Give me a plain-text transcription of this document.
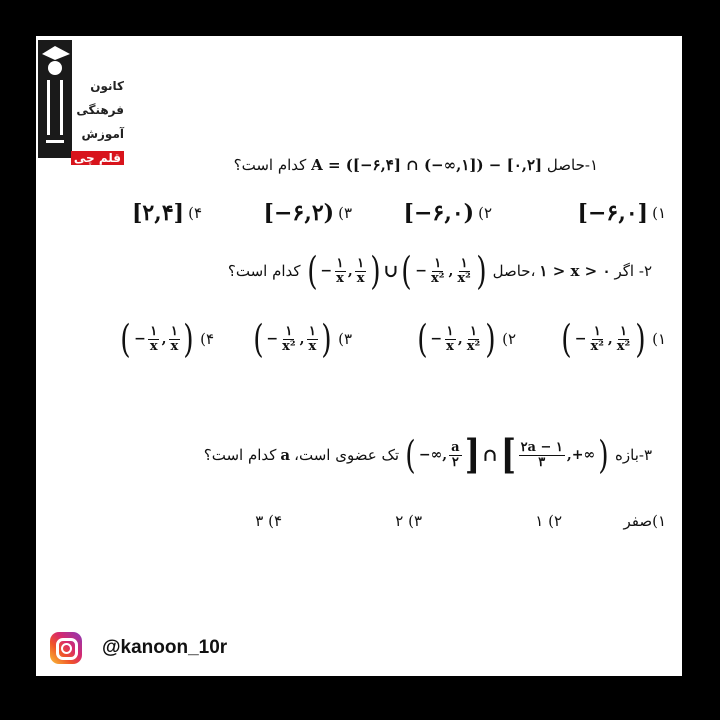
کانون
فرهنگی
آموزش
قلم چی	۱-حاصل A = ([−۶,۴] ∩ (−∞,۱]) − [۰,۲] کدام است؟
۱)
[−۶,۰]
۲)
[−۶,۰)
۳)
[−۶,۲)
۴)
[۲,۴]
۲- اگر
۱ > x > ۰
،حاصل
( − $\frac{۱}{x}$ , $\frac{۱}{x}$ ) ∪ ( − $\frac{۱}{\text{x²}}$ , $\frac{۱}{\text{x²}}$ )
کدام است؟
۱)
( − $\frac{۱}{\text{x²}}$ , $\frac{۱}{\text{x²}}$ )
۲)
( − $\frac{۱}{x}$ , $\frac{۱}{\text{x²}}$ )
۳)
( − $\frac{۱}{\text{x²}}$ , $\frac{۱}{x}$ )
۴)
( − $\frac{۱}{x}$ , $\frac{۱}{x}$ )
۳-بازه
( −∞, $\frac{a}{۲}$ ] ∩ [ $\frac{۲a - ۱}{۳}$ ,+∞ )
تک عضوی است،
a
کدام است؟
۱)صفر
۲) ۱
۳) ۲
۴) ۳
@kanoon_10r
